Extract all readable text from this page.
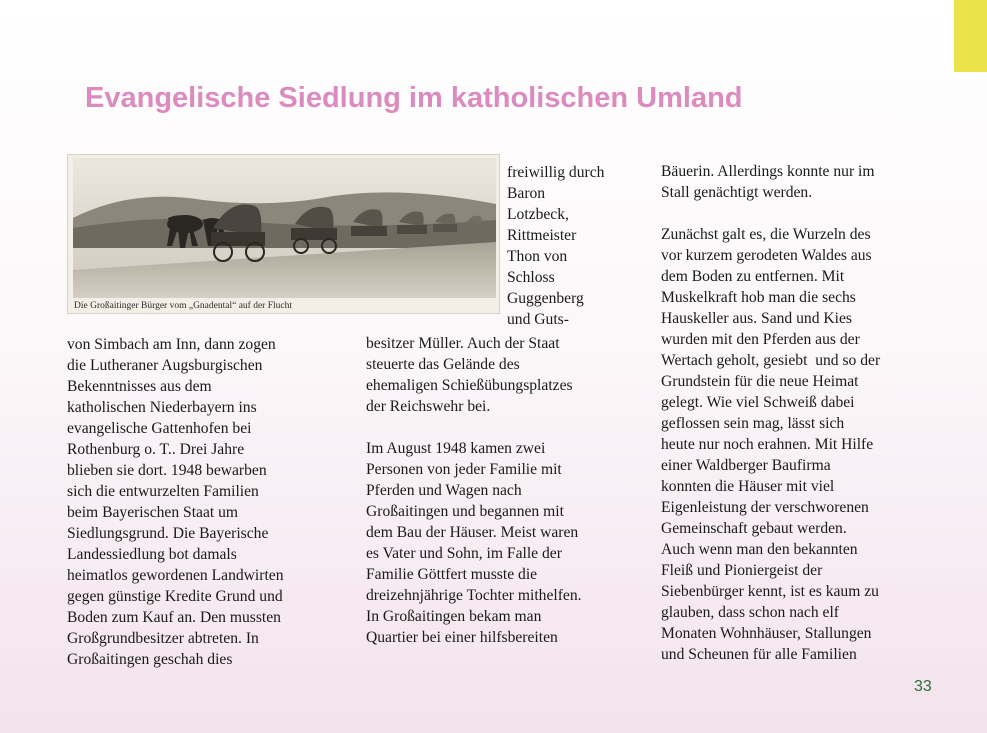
Evangelische Siedlung im katholischen Umland
Die Großaitinger Bürger vom „Gnadental“ auf der Flucht

freiwillig durch
Baron
Lotzbeck,
Rittmeister
Thon von
Schloss
Guggenberg
und Guts-

von Simbach am Inn, dann zogen
die Lutheraner Augsburgischen
Bekenntnisses aus dem
katholischen Niederbayern ins
evangelische Gattenhofen bei
Rothenburg o. T.. Drei Jahre
blieben sie dort. 1948 bewarben
sich die entwurzelten Familien
beim Bayerischen Staat um
Siedlungsgrund. Die Bayerische
Landessiedlung bot damals
heimatlos gewordenen Landwirten
gegen günstige Kredite Grund und
Boden zum Kauf an. Den mussten
Großgrundbesitzer abtreten. In
Großaitingen geschah dies

besitzer Müller. Auch der Staat
steuerte das Gelände des
ehemaligen Schießübungsplatzes
der Reichswehr bei.

Im August 1948 kamen zwei
Personen von jeder Familie mit
Pferden und Wagen nach
Großaitingen und begannen mit
dem Bau der Häuser. Meist waren
es Vater und Sohn, im Falle der
Familie Göttfert musste die
dreizehnjährige Tochter mithelfen.
In Großaitingen bekam man
Quartier bei einer hilfsbereiten

Bäuerin. Allerdings konnte nur im
Stall genächtigt werden.

Zunächst galt es, die Wurzeln des
vor kurzem gerodeten Waldes aus
dem Boden zu entfernen. Mit
Muskelkraft hob man die sechs
Hauskeller aus. Sand und Kies
wurden mit den Pferden aus der
Wertach geholt, gesiebt  und so der
Grundstein für die neue Heimat
gelegt. Wie viel Schweiß dabei
geflossen sein mag, lässt sich
heute nur noch erahnen. Mit Hilfe
einer Waldberger Baufirma
konnten die Häuser mit viel
Eigenleistung der verschworenen
Gemeinschaft gebaut werden.
Auch wenn man den bekannten
Fleiß und Pioniergeist der
Siebenbürger kennt, ist es kaum zu
glauben, dass schon nach elf
Monaten Wohnhäuser, Stallungen
und Scheunen für alle Familien

33
